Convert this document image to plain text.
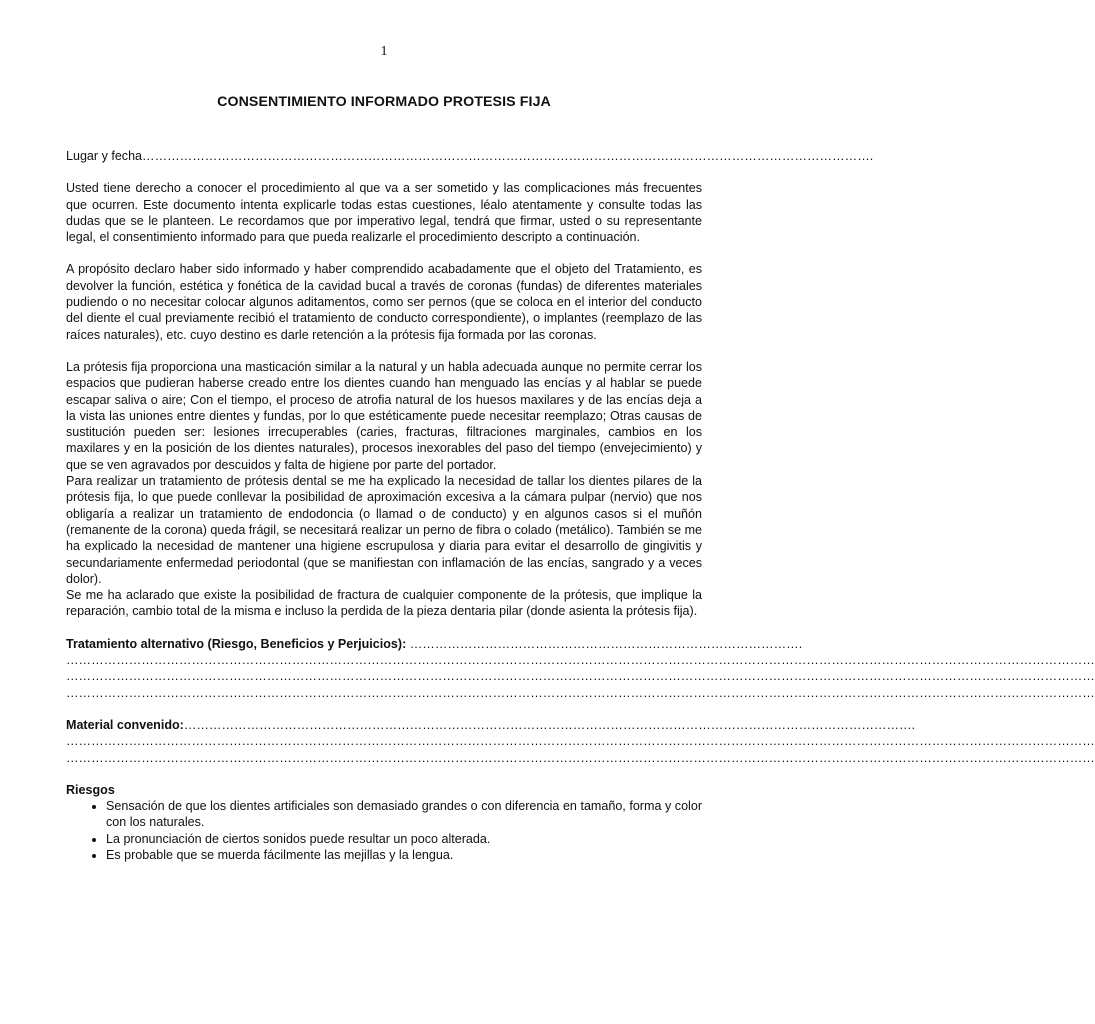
1
CONSENTIMIENTO INFORMADO PROTESIS FIJA

Lugar y fecha………………………………………………………………………………………………………………………………………………………….

Usted tiene derecho a conocer el procedimiento al que va a ser sometido y las complicaciones más frecuentes que ocurren. Este documento intenta explicarle todas estas cuestiones, léalo atentamente y consulte todas las dudas que se le planteen. Le recordamos que por imperativo legal, tendrá que firmar, usted o su representante legal, el consentimiento informado para que pueda realizarle el procedimiento descripto a continuación.

A propósito declaro haber sido informado y haber comprendido acabadamente que el objeto del Tratamiento, es devolver la función, estética y fonética de la cavidad bucal a través de coronas (fundas) de diferentes materiales pudiendo o no necesitar colocar algunos aditamentos, como ser pernos (que se coloca en el interior del conducto del diente el cual previamente recibió el tratamiento de conducto correspondiente), o implantes (reemplazo de las raíces naturales), etc. cuyo destino es darle retención a la prótesis fija formada por las coronas.

La prótesis fija proporciona una masticación similar a la natural y un habla adecuada aunque no permite cerrar los espacios que pudieran haberse creado entre los dientes cuando han menguado las encías y al hablar se puede escapar saliva o aire; Con el tiempo, el proceso de atrofia natural de los huesos maxilares y de las encías deja a la vista las uniones entre dientes y fundas, por lo que estéticamente puede necesitar reemplazo; Otras causas de sustitución pueden ser: lesiones irrecuperables (caries, fracturas, filtraciones marginales, cambios en los maxilares y en la posición de los dientes naturales), procesos inexorables del paso del tiempo (envejecimiento) y que se ven agravados por descuidos y falta de higiene por parte del portador.

Para realizar un tratamiento de prótesis dental se me ha explicado la necesidad de tallar los dientes pilares de la prótesis fija, lo que puede conllevar la posibilidad de aproximación excesiva a la cámara pulpar (nervio) que nos obligaría a realizar un tratamiento de endodoncia (o llamad o de conducto) y en algunos casos si el muñón (remanente de la corona) queda frágil, se necesitará realizar un perno de fibra o colado (metálico). También se me ha explicado la necesidad de mantener una higiene escrupulosa y diaria para evitar el desarrollo de gingivitis y secundariamente enfermedad periodontal (que se manifiestan con inflamación de las encías, sangrado y a veces dolor).

Se me ha aclarado que existe la posibilidad de fractura de cualquier componente de la prótesis, que implique la reparación, cambio total de la misma e incluso la perdida de la pieza dentaria pilar (donde asienta la prótesis fija).

Tratamiento alternativo (Riesgo, Beneficios y Perjuicios): ………………………………………………………………………………….

…………………………………………………………………………………………………………………………………………………………………………………………………………………………

…………………………………………………………………………………………………………………………………………………………………………………………………………………………

…………………………………………………………………………………………………………………………………………………………………………………………………………………………

Material convenido:………………………………………………………………………………………………………………………………………………………….

…………………………………………………………………………………………………………………………………………………………………………………………………………………………

…………………………………………………………………………………………………………………………………………………………………………………………………………………………

Riesgos

• Sensación de que los dientes artificiales son demasiado grandes o con diferencia en tamaño, forma y color con los naturales.
• La pronunciación de ciertos sonidos puede resultar un poco alterada.
• Es probable que se muerda fácilmente las mejillas y la lengua.
